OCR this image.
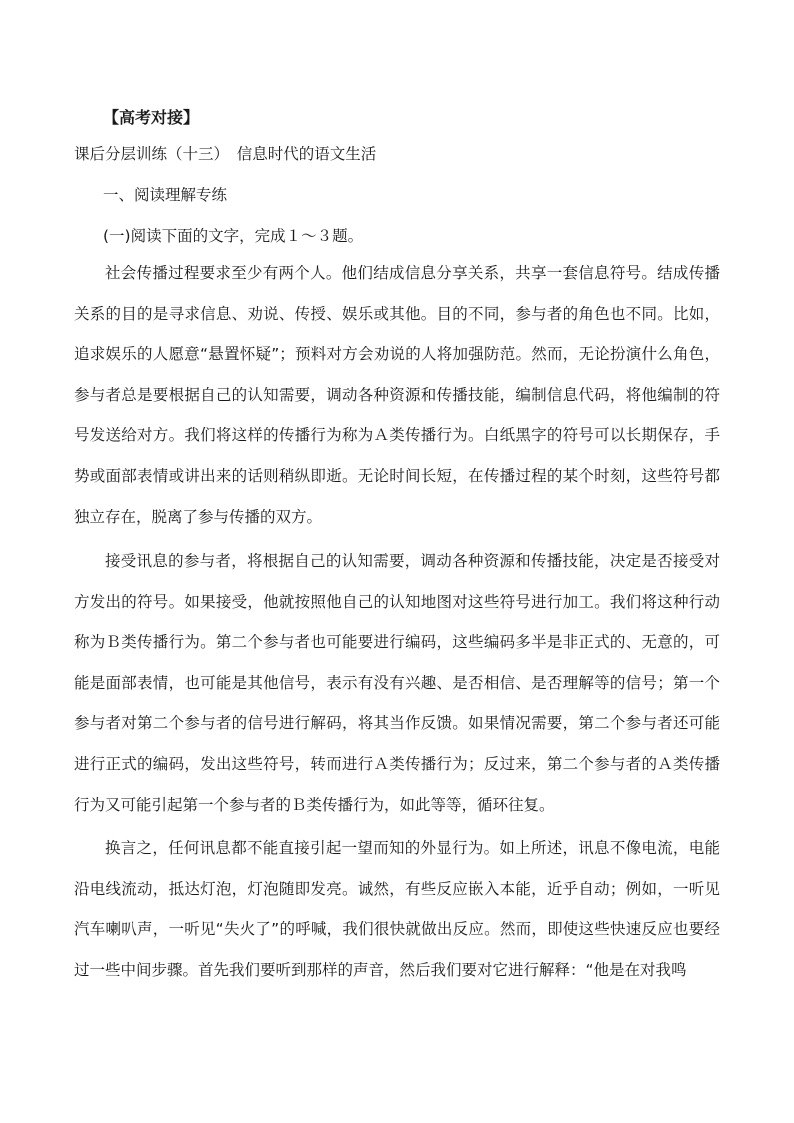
【高考对接】
课后分层训练（十三）　信息时代的语文生活
一、阅读理解专练
(一)阅读下面的文字，完成１～３题。

社会传播过程要求至少有两个人。他们结成信息分享关系，共享一套信息符号。结成传播关系的目的是寻求信息、劝说、传授、娱乐或其他。目的不同，参与者的角色也不同。比如，追求娱乐的人愿意“悬置怀疑”；预料对方会劝说的人将加强防范。然而，无论扮演什么角色，参与者总是要根据自己的认知需要，调动各种资源和传播技能，编制信息代码，将他编制的符号发送给对方。我们将这样的传播行为称为Ａ类传播行为。白纸黑字的符号可以长期保存，手势或面部表情或讲出来的话则稍纵即逝。无论时间长短，在传播过程的某个时刻，这些符号都独立存在，脱离了参与传播的双方。

接受讯息的参与者，将根据自己的认知需要，调动各种资源和传播技能，决定是否接受对方发出的符号。如果接受，他就按照他自己的认知地图对这些符号进行加工。我们将这种行动称为Ｂ类传播行为。第二个参与者也可能要进行编码，这些编码多半是非正式的、无意的，可能是面部表情，也可能是其他信号，表示有没有兴趣、是否相信、是否理解等的信号；第一个参与者对第二个参与者的信号进行解码，将其当作反馈。如果情况需要，第二个参与者还可能进行正式的编码，发出这些符号，转而进行Ａ类传播行为；反过来，第二个参与者的Ａ类传播行为又可能引起第一个参与者的Ｂ类传播行为，如此等等，循环往复。

换言之，任何讯息都不能直接引起一望而知的外显行为。如上所述，讯息不像电流，电能沿电线流动，抵达灯泡，灯泡随即发亮。诚然，有些反应嵌入本能，近乎自动；例如，一听见汽车喇叭声，一听见“失火了”的呼喊，我们很快就做出反应。然而，即使这些快速反应也要经过一些中间步骤。首先我们要听到那样的声音，然后我们要对它进行解释：“他是在对我鸣
